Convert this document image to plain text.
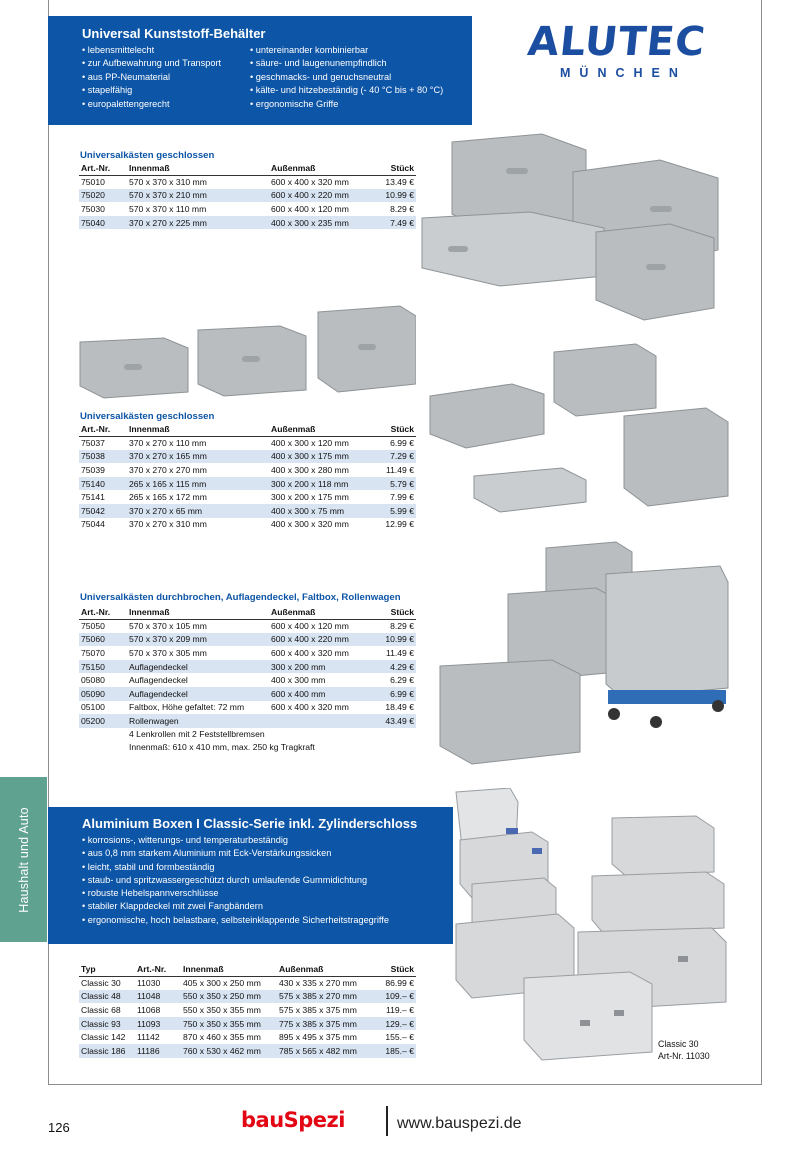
Haushalt und Auto
Universal Kunststoff-Behälter
• lebensmittelecht
• zur Aufbewahrung und Transport
• aus PP-Neumaterial
• stapelfähig
• europalettengerecht
• untereinander kombinierbar
• säure- und laugenunempfindlich
• geschmacks- und geruchsneutral
• kälte- und hitzebeständig (- 40 °C bis + 80 °C)
• ergonomische Griffe
ALUTEC
MÜNCHEN
Universalkästen geschlossen
Art.-Nr.	Innenmaß	Außenmaß	Stück
75010	570 x 370 x 310 mm	600 x 400 x 320 mm	13.49 €
75020	570 x 370 x 210 mm	600 x 400 x 220 mm	10.99 €
75030	570 x 370 x 110 mm	600 x 400 x 120 mm	8.29 €
75040	370 x 270 x 225 mm	400 x 300 x 235 mm	7.49 €
Universalkästen geschlossen
Art.-Nr.	Innenmaß	Außenmaß	Stück
75037	370 x 270 x 110 mm	400 x 300 x 120 mm	6.99 €
75038	370 x 270 x 165 mm	400 x 300 x 175 mm	7.29 €
75039	370 x 270 x 270 mm	400 x 300 x 280 mm	11.49 €
75140	265 x 165 x 115 mm	300 x 200 x 118 mm	5.79 €
75141	265 x 165 x 172 mm	300 x 200 x 175 mm	7.99 €
75042	370 x 270 x 65 mm	400 x 300 x 75 mm	5.99 €
75044	370 x 270 x 310 mm	400 x 300 x 320 mm	12.99 €
Universalkästen durchbrochen, Auflagendeckel, Faltbox, Rollenwagen
Art.-Nr.	Innenmaß	Außenmaß	Stück
75050	570 x 370 x 105 mm	600 x 400 x 120 mm	8.29 €
75060	570 x 370 x 209 mm	600 x 400 x 220 mm	10.99 €
75070	570 x 370 x 305 mm	600 x 400 x 320 mm	11.49 €
75150	Auflagendeckel	300 x 200 mm	4.29 €
05080	Auflagendeckel	400 x 300 mm	6.29 €
05090	Auflagendeckel	600 x 400 mm	6.99 €
05100	Faltbox, Höhe gefaltet: 72 mm	600 x 400 x 320 mm	18.49 €
05200	Rollenwagen		43.49 €
	4 Lenkrollen mit 2 Feststellbremsen		
	Innenmaß: 610 x 410 mm, max. 250 kg Tragkraft		
Aluminium Boxen I Classic-Serie inkl. Zylinderschloss
• korrosions-, witterungs- und temperaturbeständig
• aus 0,8 mm starkem Aluminium mit Eck-Verstärkungssicken
• leicht, stabil und formbeständig
• staub- und spritzwassergeschützt durch umlaufende Gummidichtung
• robuste Hebelspannverschlüsse
• stabiler Klappdeckel mit zwei Fangbändern
• ergonomische, hoch belastbare, selbsteinklappende Sicherheitstragegriffe
Typ	Art.-Nr.	Innenmaß	Außenmaß	Stück
Classic 30	11030	405 x 300 x 250 mm	430 x 335 x 270 mm	86.99 €
Classic 48	11048	550 x 350 x 250 mm	575 x 385 x 270 mm	109.– €
Classic 68	11068	550 x 350 x 355 mm	575 x 385 x 375 mm	119.– €
Classic 93	11093	750 x 350 x 355 mm	775 x 385 x 375 mm	129.– €
Classic 142	11142	870 x 460 x 355 mm	895 x 495 x 375 mm	155.– €
Classic 186	11186	760 x 530 x 462 mm	785 x 565 x 482 mm	185.– €
Classic 30
Art-Nr. 11030
126	bauSpezi	www.bauspezi.de
